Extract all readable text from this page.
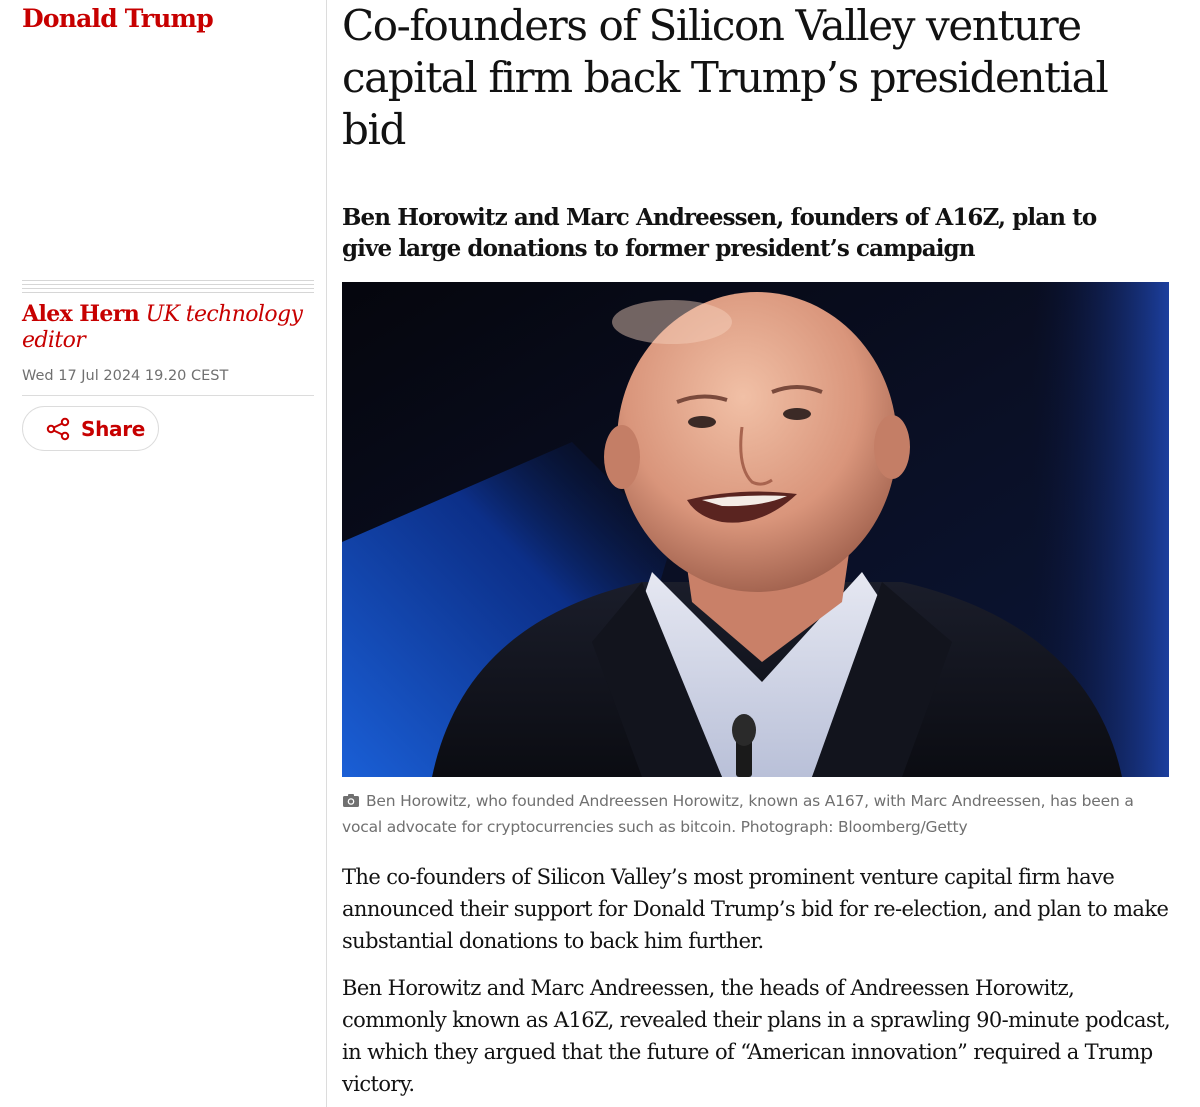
Donald Trump
Alex Hern UK technology editor
Wed 17 Jul 2024 19.20 CEST
Share
Co-founders of Silicon Valley venture capital firm back Trump’s presidential bid

Ben Horowitz and Marc Andreessen, founders of A16Z, plan to give large donations to former president’s campaign

Ben Horowitz, who founded Andreessen Horowitz, known as A167, with Marc Andreessen, has been a vocal advocate for cryptocurrencies such as bitcoin. Photograph: Bloomberg/Getty

The co-founders of Silicon Valley’s most prominent venture capital firm have announced their support for Donald Trump’s bid for re-election, and plan to make substantial donations to back him further.

Ben Horowitz and Marc Andreessen, the heads of Andreessen Horowitz, commonly known as A16Z, revealed their plans in a sprawling 90-minute podcast, in which they argued that the future of “American innovation” required a Trump victory.
